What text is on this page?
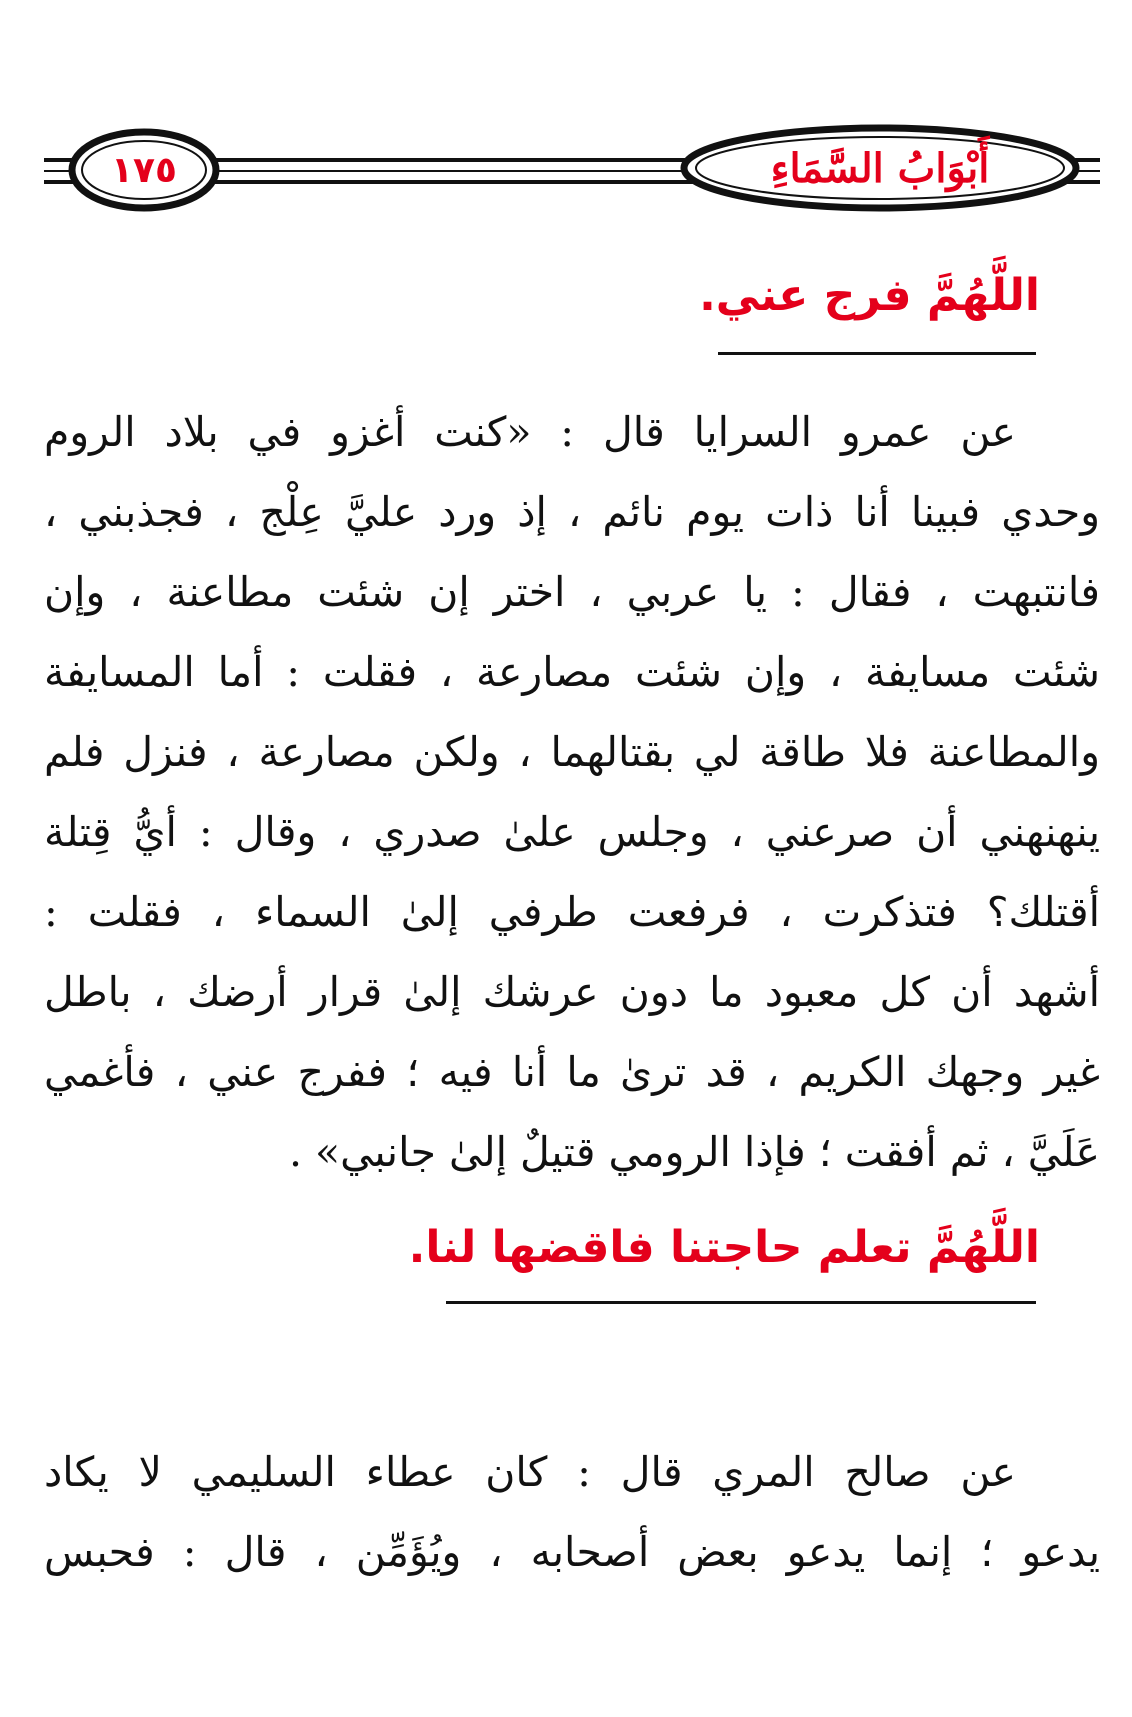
١٧٥	أَبْوَابُ السَّمَاءِ
اللَّهُمَّ فرج عني.
عن عمرو السرايا قال : «كنت أغزو في بلاد الروم
وحدي فبينا أنا ذات يوم نائم ، إذ ورد عليَّ عِلْج ، فجذبني ،
فانتبهت ، فقال : يا عربي ، اختر إن شئت مطاعنة ، وإن
شئت مسايفة ، وإن شئت مصارعة ، فقلت : أما المسايفة
والمطاعنة فلا طاقة لي بقتالهما ، ولكن مصارعة ، فنزل فلم
ينهنهني أن صرعني ، وجلس علىٰ صدري ، وقال : أيُّ قِتلة
أقتلك؟ فتذكرت ، فرفعت طرفي إلىٰ السماء ، فقلت :
أشهد أن كل معبود ما دون عرشك إلىٰ قرار أرضك ، باطل
غير وجهك الكريم ، قد ترىٰ ما أنا فيه ؛ ففرج عني ، فأغمي
عَلَيَّ ، ثم أفقت ؛ فإذا الرومي قتيلٌ إلىٰ جانبي» .
اللَّهُمَّ تعلم حاجتنا فاقضها لنا.
عن صالح المري قال : كان عطاء السليمي لا يكاد
يدعو ؛ إنما يدعو بعض أصحابه ، ويُؤَمِّن ، قال : فحبس
